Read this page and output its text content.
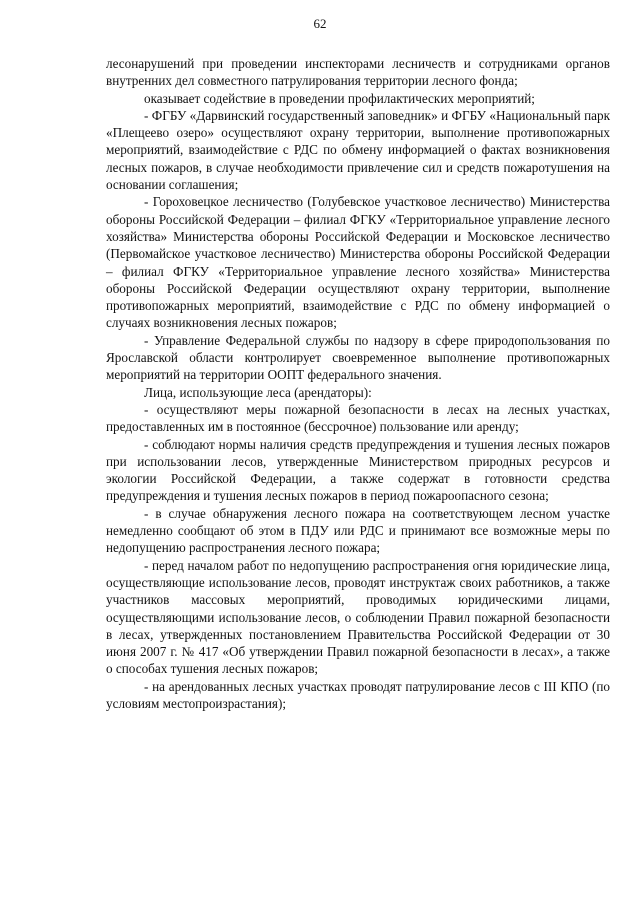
62

лесонарушений при проведении инспекторами лесничеств и сотрудниками органов внутренних дел совместного патрулирования территории лесного фонда;

оказывает содействие в проведении профилактических мероприятий;

- ФГБУ «Дарвинский государственный заповедник» и ФГБУ «Национальный парк «Плещеево озеро» осуществляют охрану территории, выполнение противопожарных мероприятий, взаимодействие с РДС по обмену информацией о фактах возникновения лесных пожаров, в случае необходимости привлечение сил и средств пожаротушения на основании соглашения;

- Гороховецкое лесничество (Голубевское участковое лесничество) Министерства обороны Российской Федерации – филиал ФГКУ «Территориальное управление лесного хозяйства» Министерства обороны Российской Федерации и Московское лесничество (Первомайское участковое лесничество) Министерства обороны Российской Федерации – филиал ФГКУ «Территориальное управление лесного хозяйства» Министерства обороны Российской Федерации осуществляют охрану территории, выполнение противопожарных мероприятий, взаимодействие с РДС по обмену информацией о случаях возникновения лесных пожаров;

- Управление Федеральной службы по надзору в сфере природопользования по Ярославской области контролирует своевременное выполнение противопожарных мероприятий на территории ООПТ федерального значения.

Лица, использующие леса (арендаторы):

- осуществляют меры пожарной безопасности в лесах на лесных участках, предоставленных им в постоянное (бессрочное) пользование или аренду;

- соблюдают нормы наличия средств предупреждения и тушения лесных пожаров при использовании лесов, утвержденные Министерством природных ресурсов и экологии Российской Федерации, а также содержат в готовности средства предупреждения и тушения лесных пожаров в период пожароопасного сезона;

- в случае обнаружения лесного пожара на соответствующем лесном участке немедленно сообщают об этом в ПДУ или РДС и принимают все возможные меры по недопущению распространения лесного пожара;

- перед началом работ по недопущению распространения огня юридические лица, осуществляющие использование лесов, проводят инструктаж своих работников, а также участников массовых мероприятий, проводимых юридическими лицами, осуществляющими использование лесов, о соблюдении Правил пожарной безопасности в лесах, утвержденных постановлением Правительства Российской Федерации от 30 июня 2007 г. № 417 «Об утверждении Правил пожарной безопасности в лесах», а также о способах тушения лесных пожаров;

- на арендованных лесных участках проводят патрулирование лесов с III КПО (по условиям местопроизрастания);
